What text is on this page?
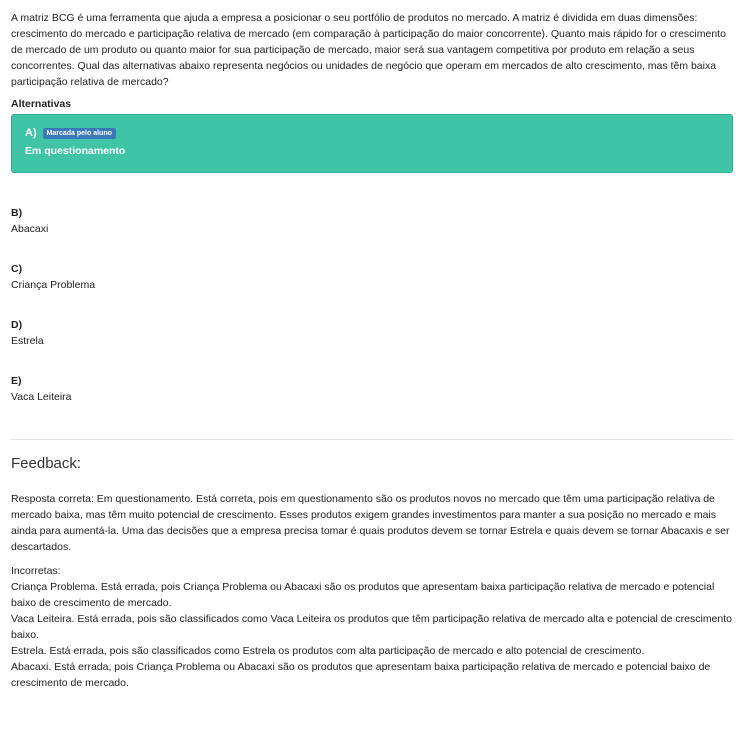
A matriz BCG é uma ferramenta que ajuda a empresa a posicionar o seu portfólio de produtos no mercado. A matriz é dividida em duas dimensões: crescimento do mercado e participação relativa de mercado (em comparação à participação do maior concorrente). Quanto mais rápido for o crescimento de mercado de um produto ou quanto maior for sua participação de mercado, maior será sua vantagem competitiva por produto em relação a seus concorrentes. Qual das alternativas abaixo representa negócios ou unidades de negócio que operam em mercados de alto crescimento, mas têm baixa participação relativa de mercado?

Alternativas
A) Marcada pelo aluno
Em questionamento
B)
Abacaxi
C)
Criança Problema
D)
Estrela
E)
Vaca Leiteira
Feedback:

Resposta correta: Em questionamento. Está correta, pois em questionamento são os produtos novos no mercado que têm uma participação relativa de mercado baixa, mas têm muito potencial de crescimento. Esses produtos exigem grandes investimentos para manter a sua posição no mercado e mais ainda para aumentá-la. Uma das decisões que a empresa precisa tomar é quais produtos devem se tornar Estrela e quais devem se tornar Abacaxis e ser descartados.

Incorretas:
Criança Problema. Está errada, pois Criança Problema ou Abacaxi são os produtos que apresentam baixa participação relativa de mercado e potencial baixo de crescimento de mercado.
Vaca Leiteira. Está errada, pois são classificados como Vaca Leiteira os produtos que têm participação relativa de mercado alta e potencial de crescimento baixo.
Estrela. Está errada, pois são classificados como Estrela os produtos com alta participação de mercado e alto potencial de crescimento.
Abacaxi. Está errada, pois Criança Problema ou Abacaxi são os produtos que apresentam baixa participação relativa de mercado e potencial baixo de crescimento de mercado.
